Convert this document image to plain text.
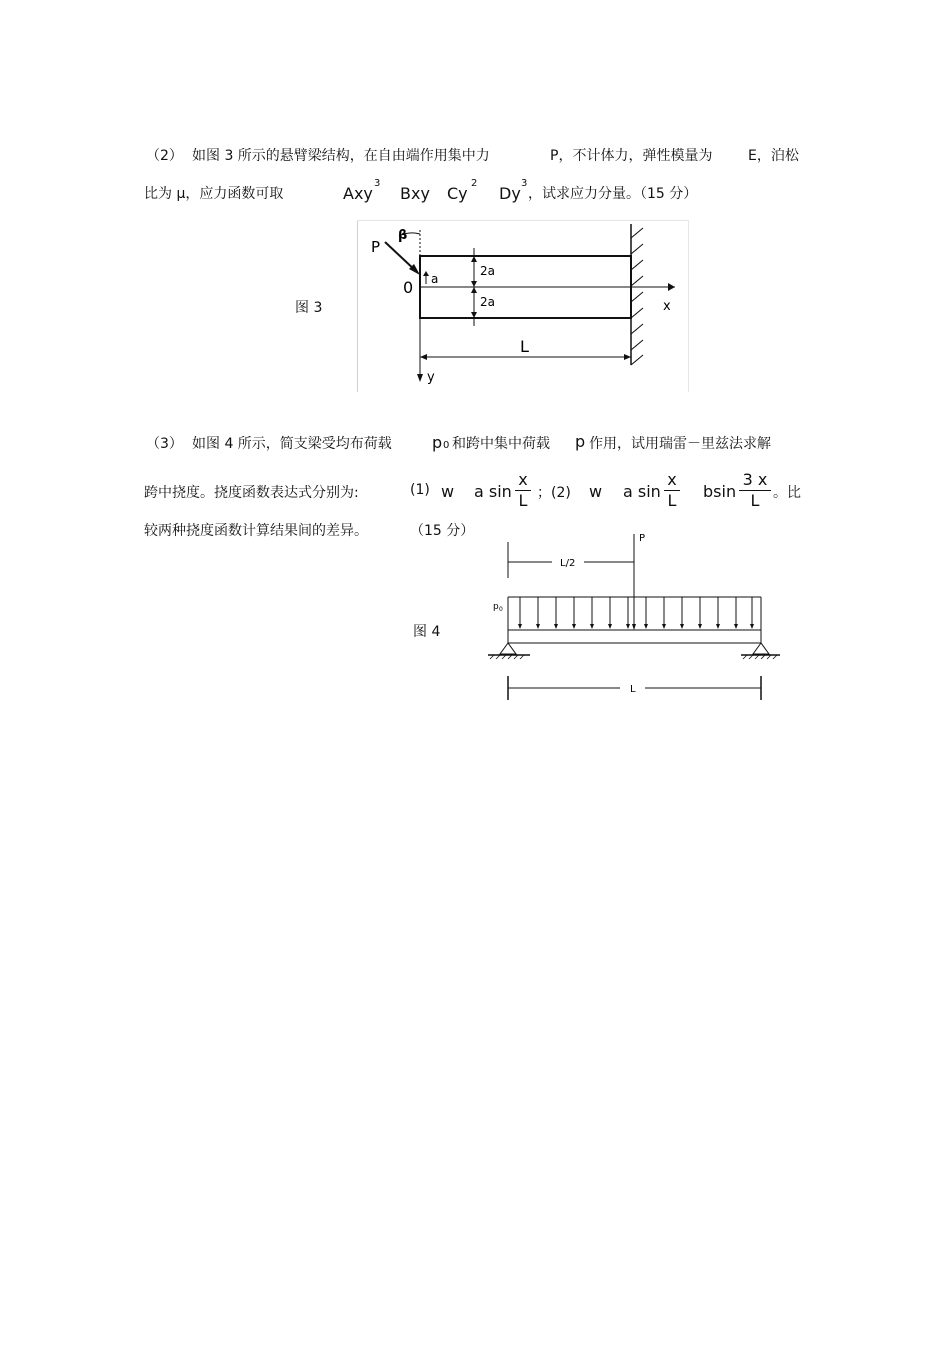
（2） 如图 3 所示的悬臂梁结构，在自由端作用集中力	P，不计体力，弹性模量为	E，泊松
比为 μ，应力函数可取	Axy
3
Bxy Cy
2
Dy
3
，试求应力分量。（15 分）
图 3	x
y
0
2a
2a
a
P
β
L
（3） 如图 4 所示，简支梁受均布荷载	p 0 和跨中集中荷载 p 作用，试用瑞雷－里兹法求解
跨中挠度。挠度函数表达式分别为:	(1) w a sin
x
L ；(2) w a sin
x
L bsin
3 x
L 。比
较两种挠度函数计算结果间的差异。	（15 分）
图 4
P
L/2
p 0
L
